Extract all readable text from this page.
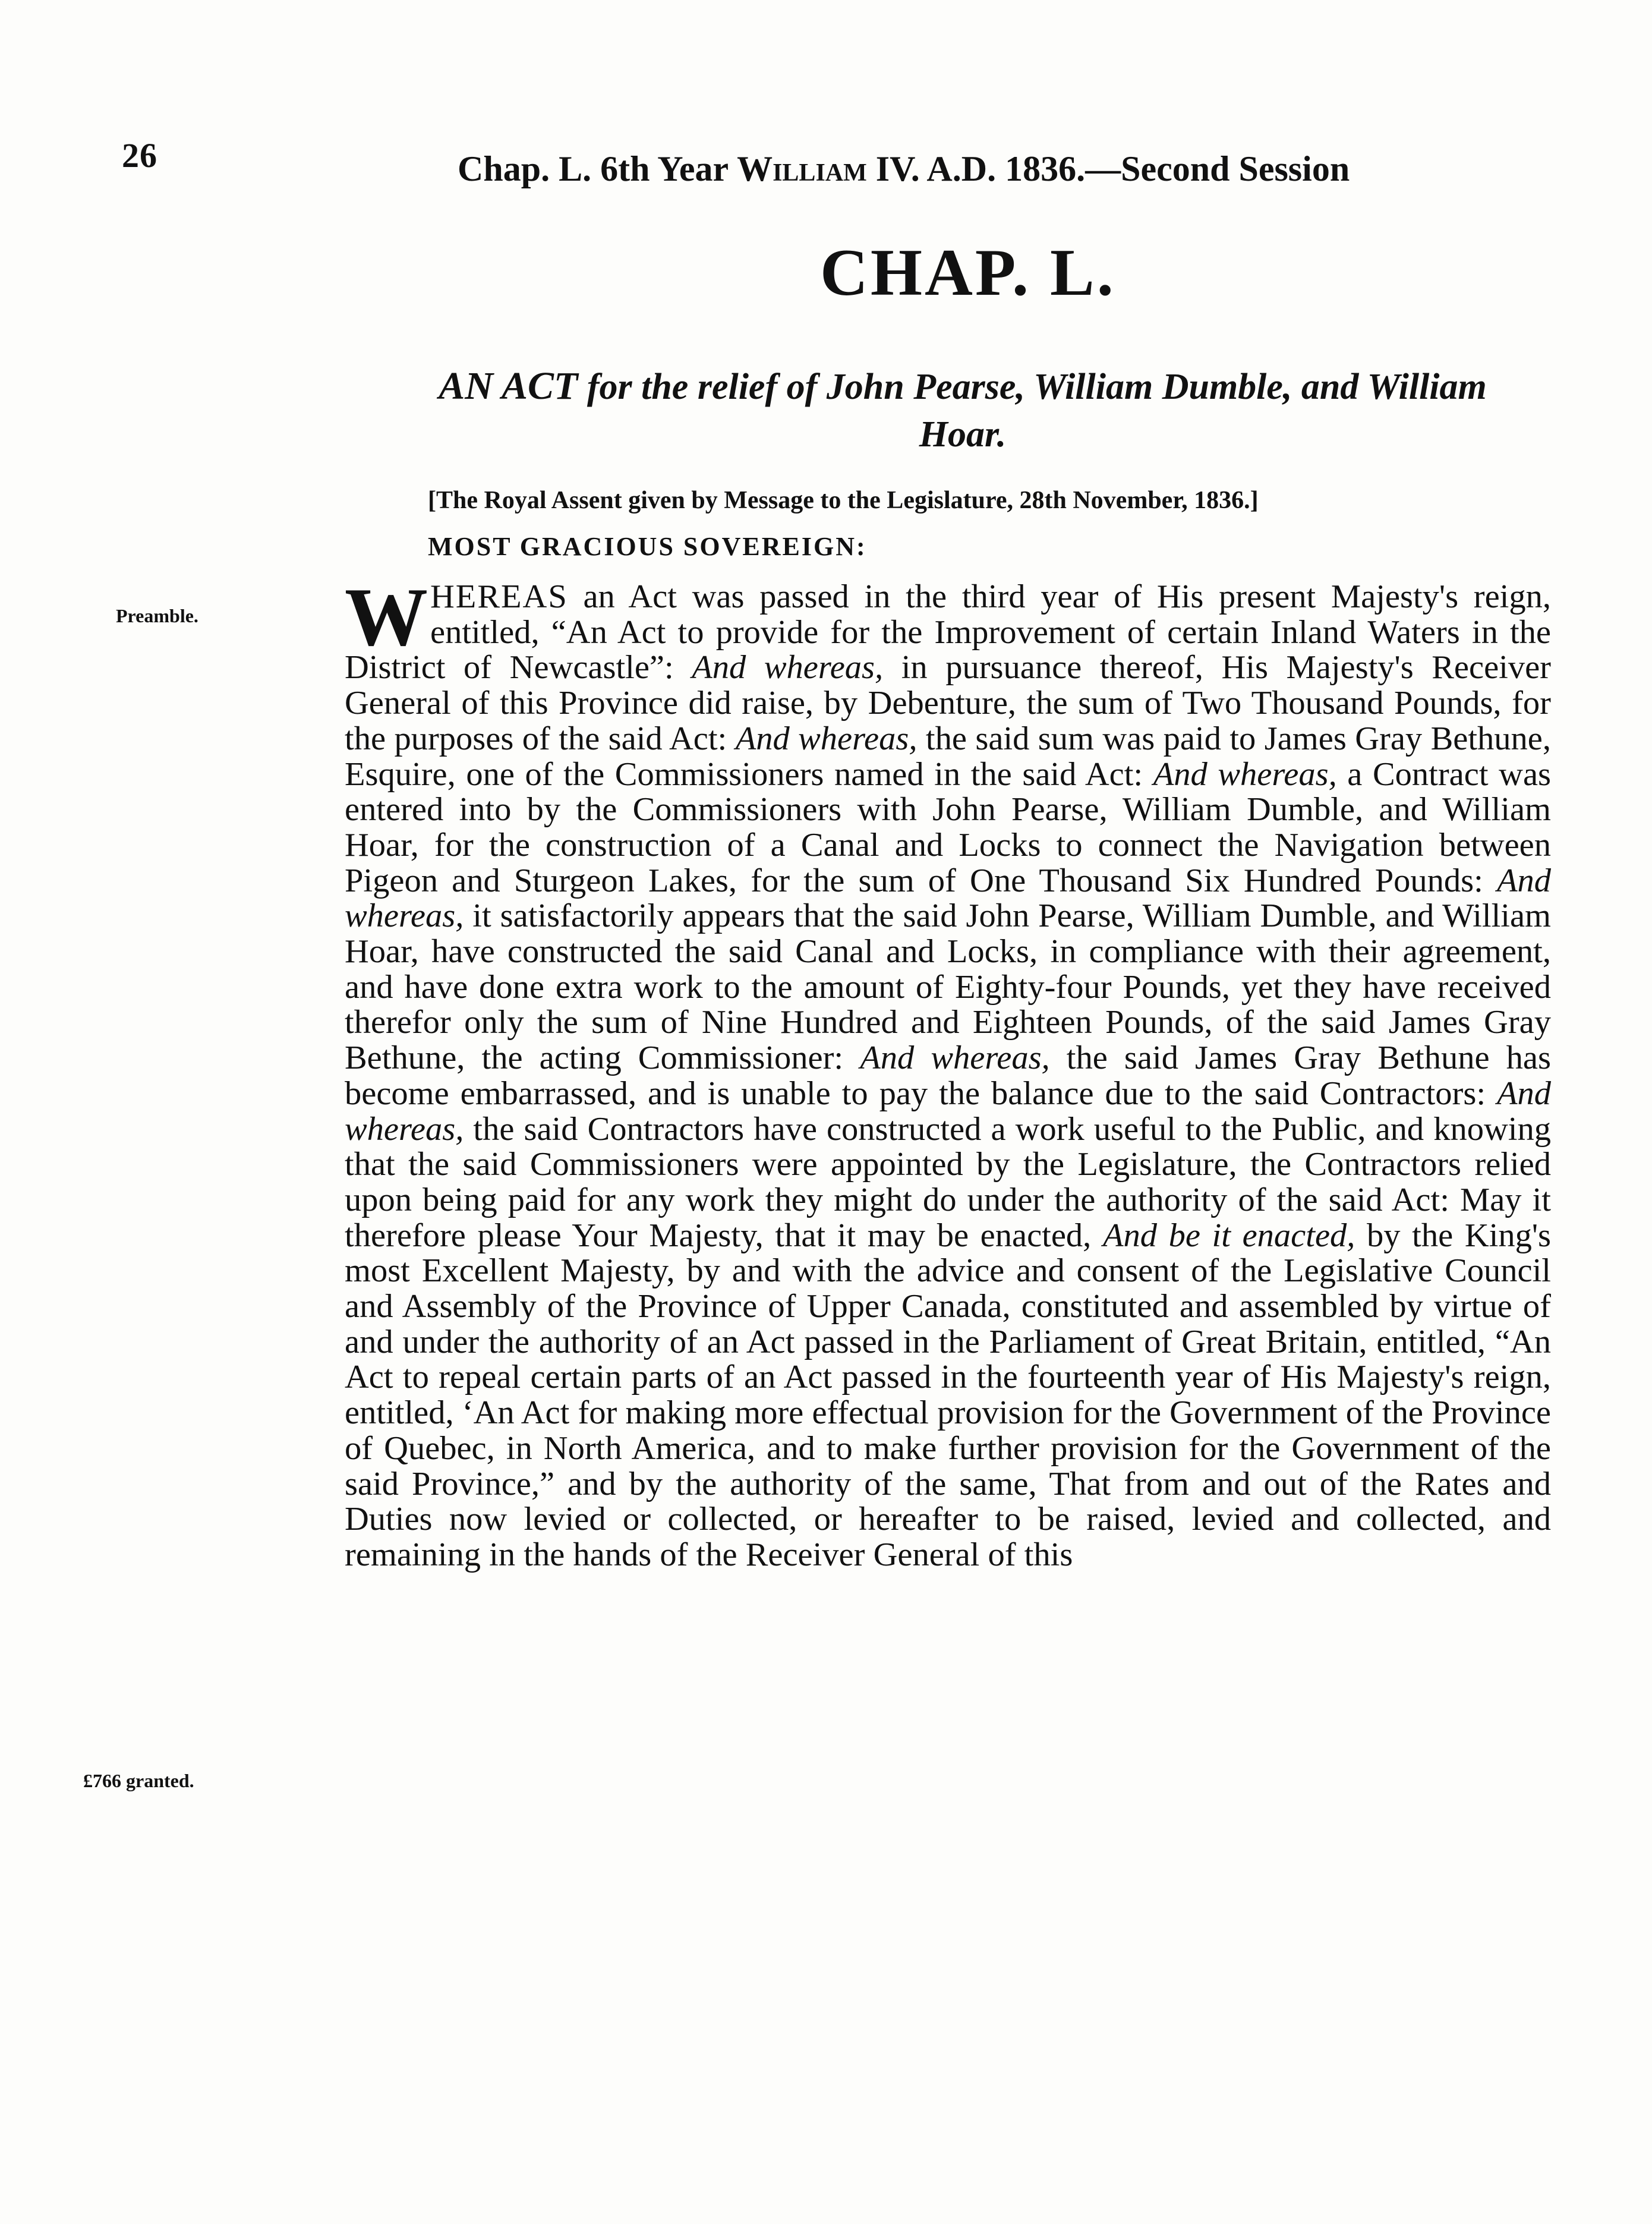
26	Chap. L. 6th Year William IV. A.D. 1836.—Second Session
CHAP. L.
AN ACT for the relief of John Pearse, William Dumble, and William Hoar.
[The Royal Assent given by Message to the Legislature, 28th November, 1836.]
MOST GRACIOUS SOVEREIGN:
Preamble.
£766 granted.
WHEREAS an Act was passed in the third year of His present Majesty's reign, entitled, “An Act to provide for the Improvement of certain Inland Waters in the District of Newcastle”: And whereas, in pursuance thereof, His Majesty's Receiver General of this Province did raise, by Debenture, the sum of Two Thousand Pounds, for the purposes of the said Act: And whereas, the said sum was paid to James Gray Bethune, Esquire, one of the Commissioners named in the said Act: And whereas, a Contract was entered into by the Commissioners with John Pearse, William Dumble, and William Hoar, for the construction of a Canal and Locks to connect the Navigation between Pigeon and Sturgeon Lakes, for the sum of One Thousand Six Hundred Pounds: And whereas, it satisfactorily appears that the said John Pearse, William Dumble, and William Hoar, have constructed the said Canal and Locks, in compliance with their agreement, and have done extra work to the amount of Eighty-four Pounds, yet they have received therefor only the sum of Nine Hundred and Eighteen Pounds, of the said James Gray Bethune, the acting Commissioner: And whereas, the said James Gray Bethune has become embarrassed, and is unable to pay the balance due to the said Contractors: And whereas, the said Contractors have constructed a work useful to the Public, and knowing that the said Commissioners were appointed by the Legislature, the Contractors relied upon being paid for any work they might do under the authority of the said Act: May it therefore please Your Majesty, that it may be enacted, And be it enacted, by the King's most Excellent Majesty, by and with the advice and consent of the Legislative Council and Assembly of the Province of Upper Canada, constituted and assembled by virtue of and under the authority of an Act passed in the Parliament of Great Britain, entitled, “An Act to repeal certain parts of an Act passed in the fourteenth year of His Majesty's reign, entitled, ‘An Act for making more effectual provision for the Government of the Province of Quebec, in North America, and to make further provision for the Government of the said Province,” and by the authority of the same, That from and out of the Rates and Duties now levied or collected, or hereafter to be raised, levied and collected, and remaining in the hands of the Receiver General of this
